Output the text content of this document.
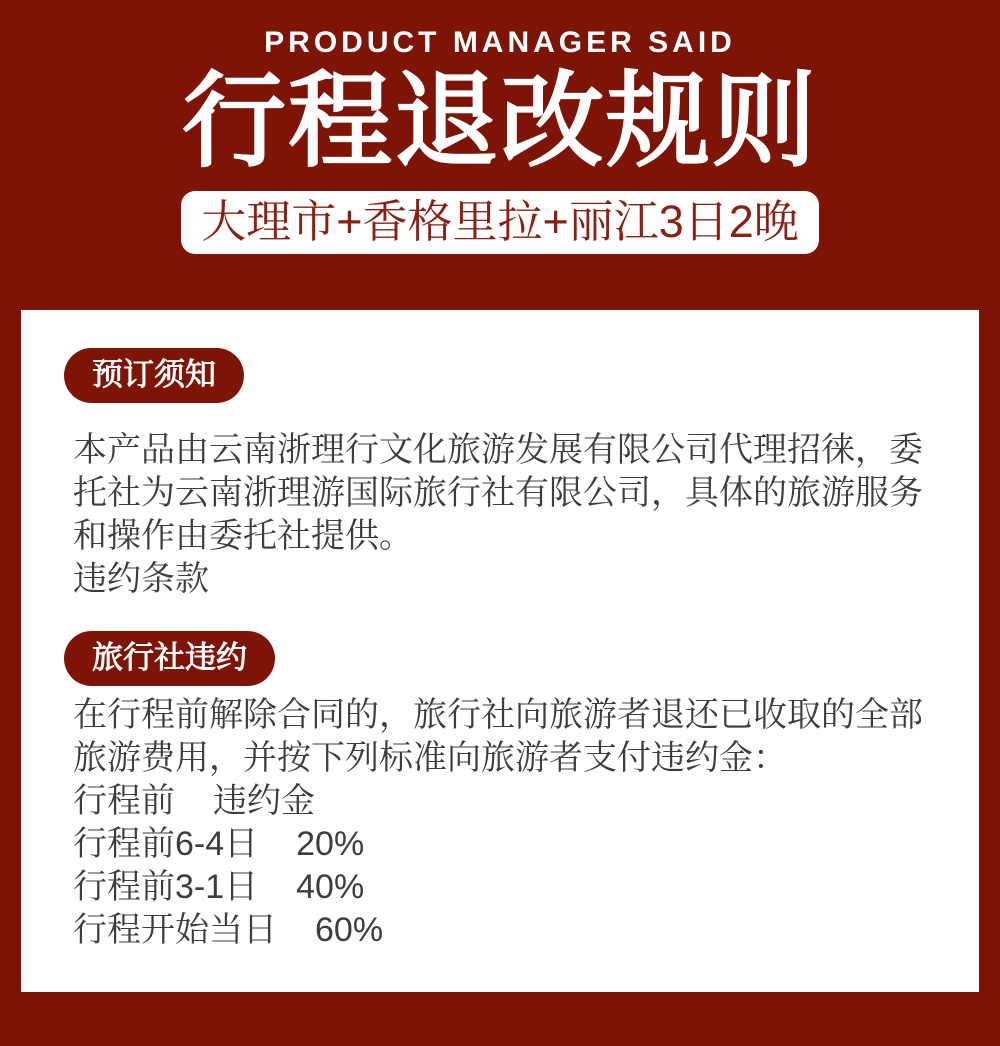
PRODUCT MANAGER SAID
行程退改规则
大理市+香格里拉+丽江3日2晚
预订须知
本产品由云南浙理行文化旅游发展有限公司代理招徕，委托社为云南浙理游国际旅行社有限公司，具体的旅游服务和操作由委托社提供。
违约条款
旅行社违约
在行程前解除合同的，旅行社向旅游者退还已收取的全部旅游费用，并按下列标准向旅游者支付违约金：
行程前 违约金
行程前6-4日 20%
行程前3-1日 40%
行程开始当日 60%
